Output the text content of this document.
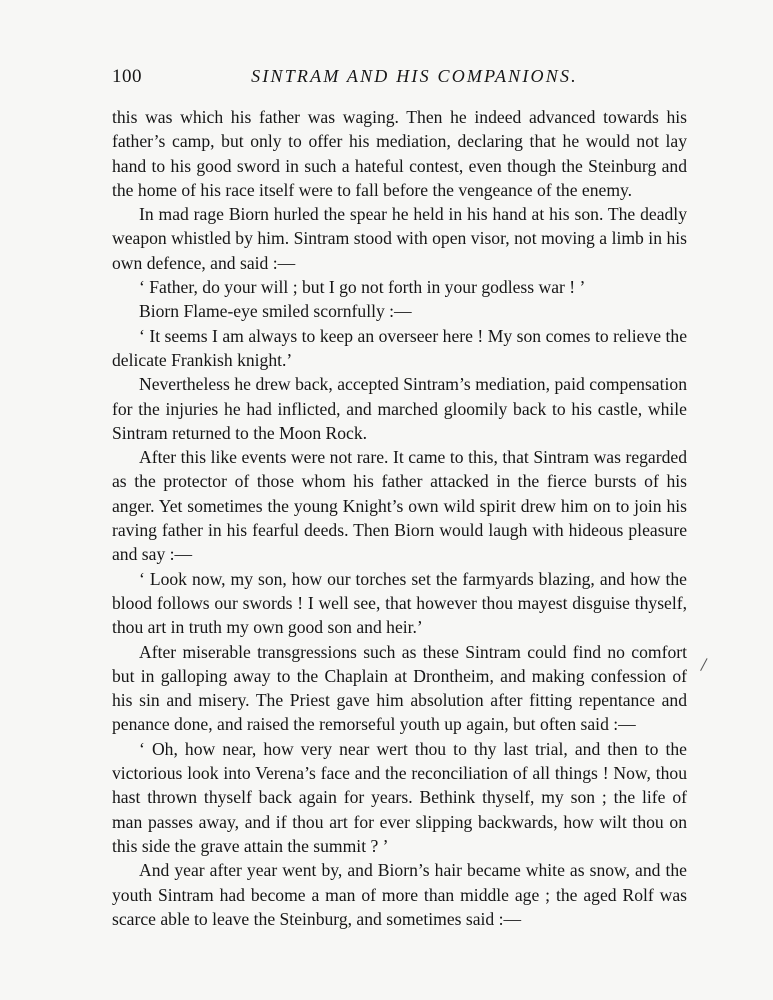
100	SINTRAM AND HIS COMPANIONS.

this was which his father was waging. Then he indeed advanced towards his father’s camp, but only to offer his mediation, declaring that he would not lay hand to his good sword in such a hateful contest, even though the Steinburg and the home of his race itself were to fall before the vengeance of the enemy.

In mad rage Biorn hurled the spear he held in his hand at his son. The deadly weapon whistled by him. Sintram stood with open visor, not moving a limb in his own defence, and said :—

‘ Father, do your will ; but I go not forth in your godless war ! ’

Biorn Flame-eye smiled scornfully :—

‘ It seems I am always to keep an overseer here ! My son comes to relieve the delicate Frankish knight.’

Nevertheless he drew back, accepted Sintram’s mediation, paid compensation for the injuries he had inflicted, and marched gloomily back to his castle, while Sintram returned to the Moon Rock.

After this like events were not rare. It came to this, that Sintram was regarded as the protector of those whom his father attacked in the fierce bursts of his anger. Yet sometimes the young Knight’s own wild spirit drew him on to join his raving father in his fearful deeds. Then Biorn would laugh with hideous pleasure and say :—

‘ Look now, my son, how our torches set the farmyards blazing, and how the blood follows our swords ! I well see, that however thou mayest disguise thyself, thou art in truth my own good son and heir.’

After miserable transgressions such as these Sintram could find no comfort but in galloping away to the Chaplain at Drontheim, and making confession of his sin and misery. The Priest gave him absolution after fitting repentance and penance done, and raised the remorseful youth up again, but often said :—

‘ Oh, how near, how very near wert thou to thy last trial, and then to the victorious look into Verena’s face and the reconciliation of all things ! Now, thou hast thrown thyself back again for years. Bethink thyself, my son ; the life of man passes away, and if thou art for ever slipping backwards, how wilt thou on this side the grave attain the summit ? ’

And year after year went by, and Biorn’s hair became white as snow, and the youth Sintram had become a man of more than middle age ; the aged Rolf was scarce able to leave the Steinburg, and sometimes said :—
